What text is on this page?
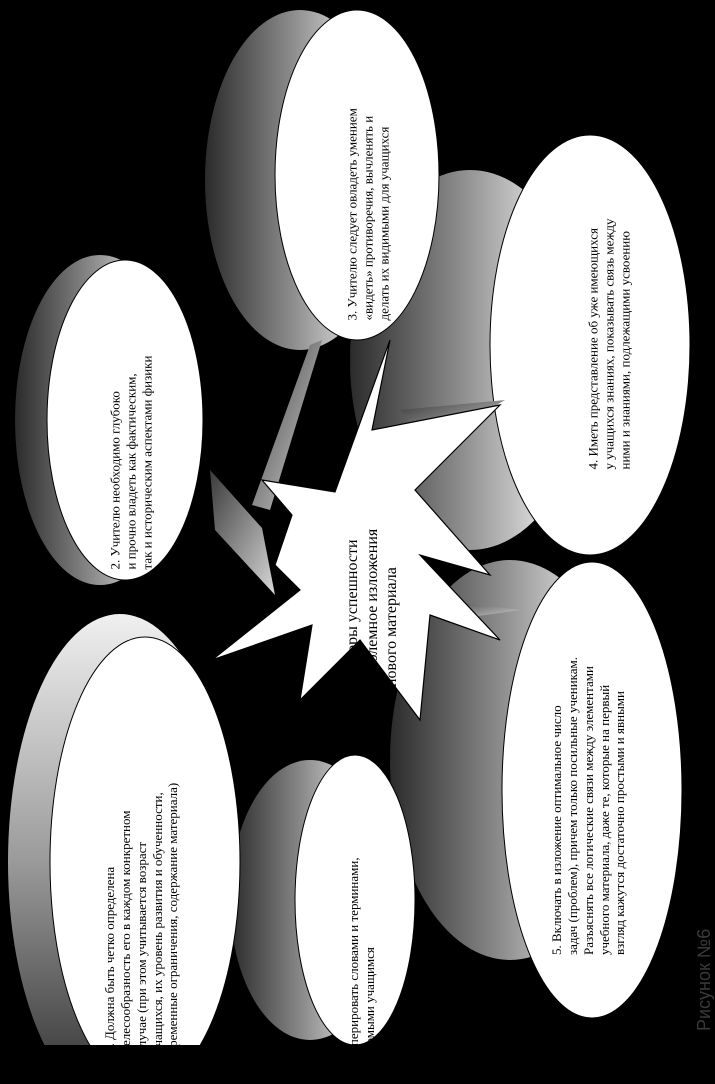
Факторы успешности
проблемное изложения
нового материала
1. Должна быть четко определена
целесообразность его в каждом конкретном
случае (при этом учитывается возраст
учащихся, их уровень развития и обученности,
временные ограничения, содержание материала)
2. Учителю необходимо глубоко
и прочно владеть как фактическим,
так и историческим аспектами физики
3. Учителю следует овладеть умением
«видеть» противоречия, вычленять и
делать их видимыми для учащихся
4. Иметь представление об уже имеющихся
у учащихся знаниях, показывать связь между
ними и знаниями, подлежащими усвоению
5. Включать в изложение оптимальное число
задач (проблем), причем только посильные ученикам.
Разъяснять все логические связи между элементами
учебного материала, даже те, которые на первый
взгляд кажутся достаточно простыми и явными
6. Не оперировать словами и терминами,
не знакомыми учащимся	Рисунок №6
